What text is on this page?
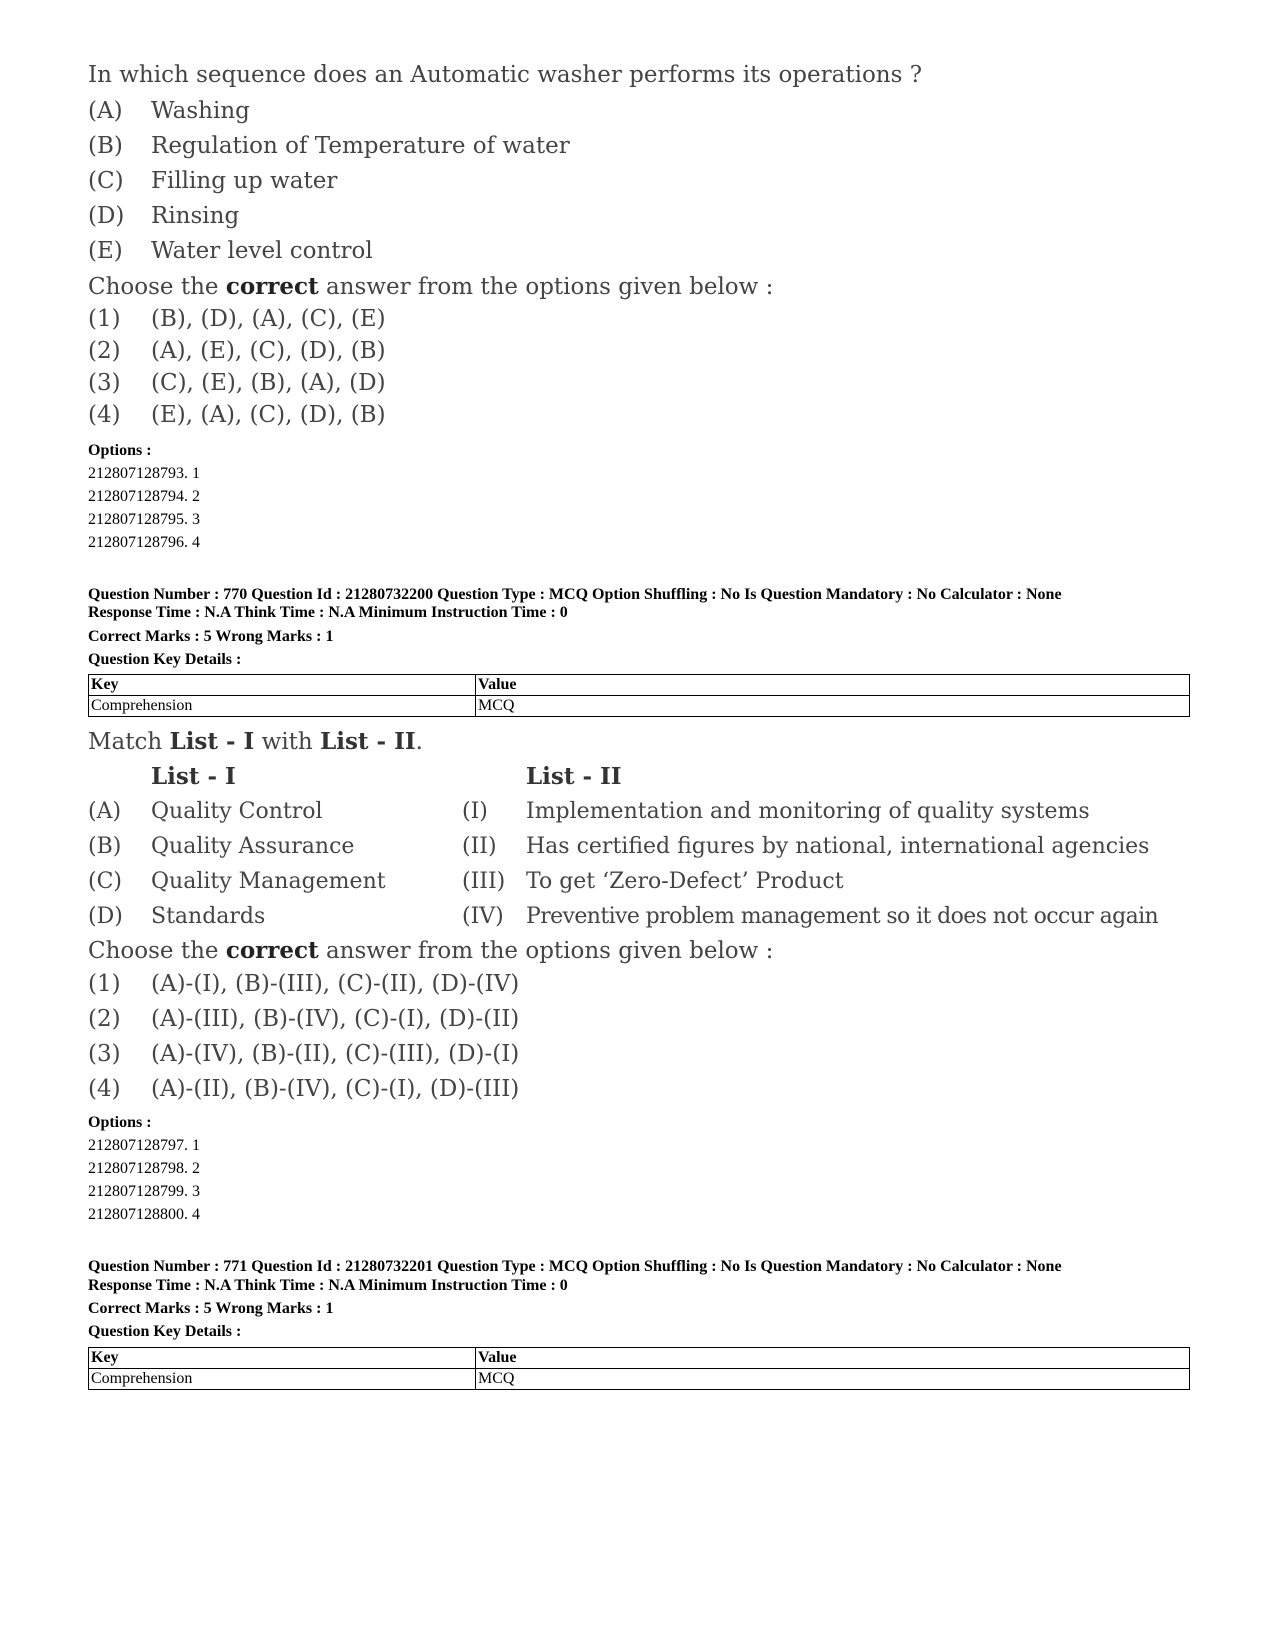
In which sequence does an Automatic washer performs its operations ?
(A) Washing
(B) Regulation of Temperature of water
(C) Filling up water
(D) Rinsing
(E) Water level control
Choose the correct answer from the options given below :
(1) (B), (D), (A), (C), (E)
(2) (A), (E), (C), (D), (B)
(3) (C), (E), (B), (A), (D)
(4) (E), (A), (C), (D), (B)
Options :
212807128793. 1
212807128794. 2
212807128795. 3
212807128796. 4
Question Number : 770 Question Id : 21280732200 Question Type : MCQ Option Shuffling : No Is Question Mandatory : No Calculator : None
Response Time : N.A Think Time : N.A Minimum Instruction Time : 0
Correct Marks : 5 Wrong Marks : 1
Question Key Details :
Key	Value
Comprehension	MCQ
Match List - I with List - II.
List - I	List - II
(A) Quality Control	(I) Implementation and monitoring of quality systems
(B) Quality Assurance	(II) Has certified figures by national, international agencies
(C) Quality Management	(III) To get ‘Zero-Defect’ Product
(D) Standards	(IV) Preventive problem management so it does not occur again
Choose the correct answer from the options given below :
(1) (A)-(I), (B)-(III), (C)-(II), (D)-(IV)
(2) (A)-(III), (B)-(IV), (C)-(I), (D)-(II)
(3) (A)-(IV), (B)-(II), (C)-(III), (D)-(I)
(4) (A)-(II), (B)-(IV), (C)-(I), (D)-(III)
Options :
212807128797. 1
212807128798. 2
212807128799. 3
212807128800. 4
Question Number : 771 Question Id : 21280732201 Question Type : MCQ Option Shuffling : No Is Question Mandatory : No Calculator : None
Response Time : N.A Think Time : N.A Minimum Instruction Time : 0
Correct Marks : 5 Wrong Marks : 1
Question Key Details :
Key	Value
Comprehension	MCQ
